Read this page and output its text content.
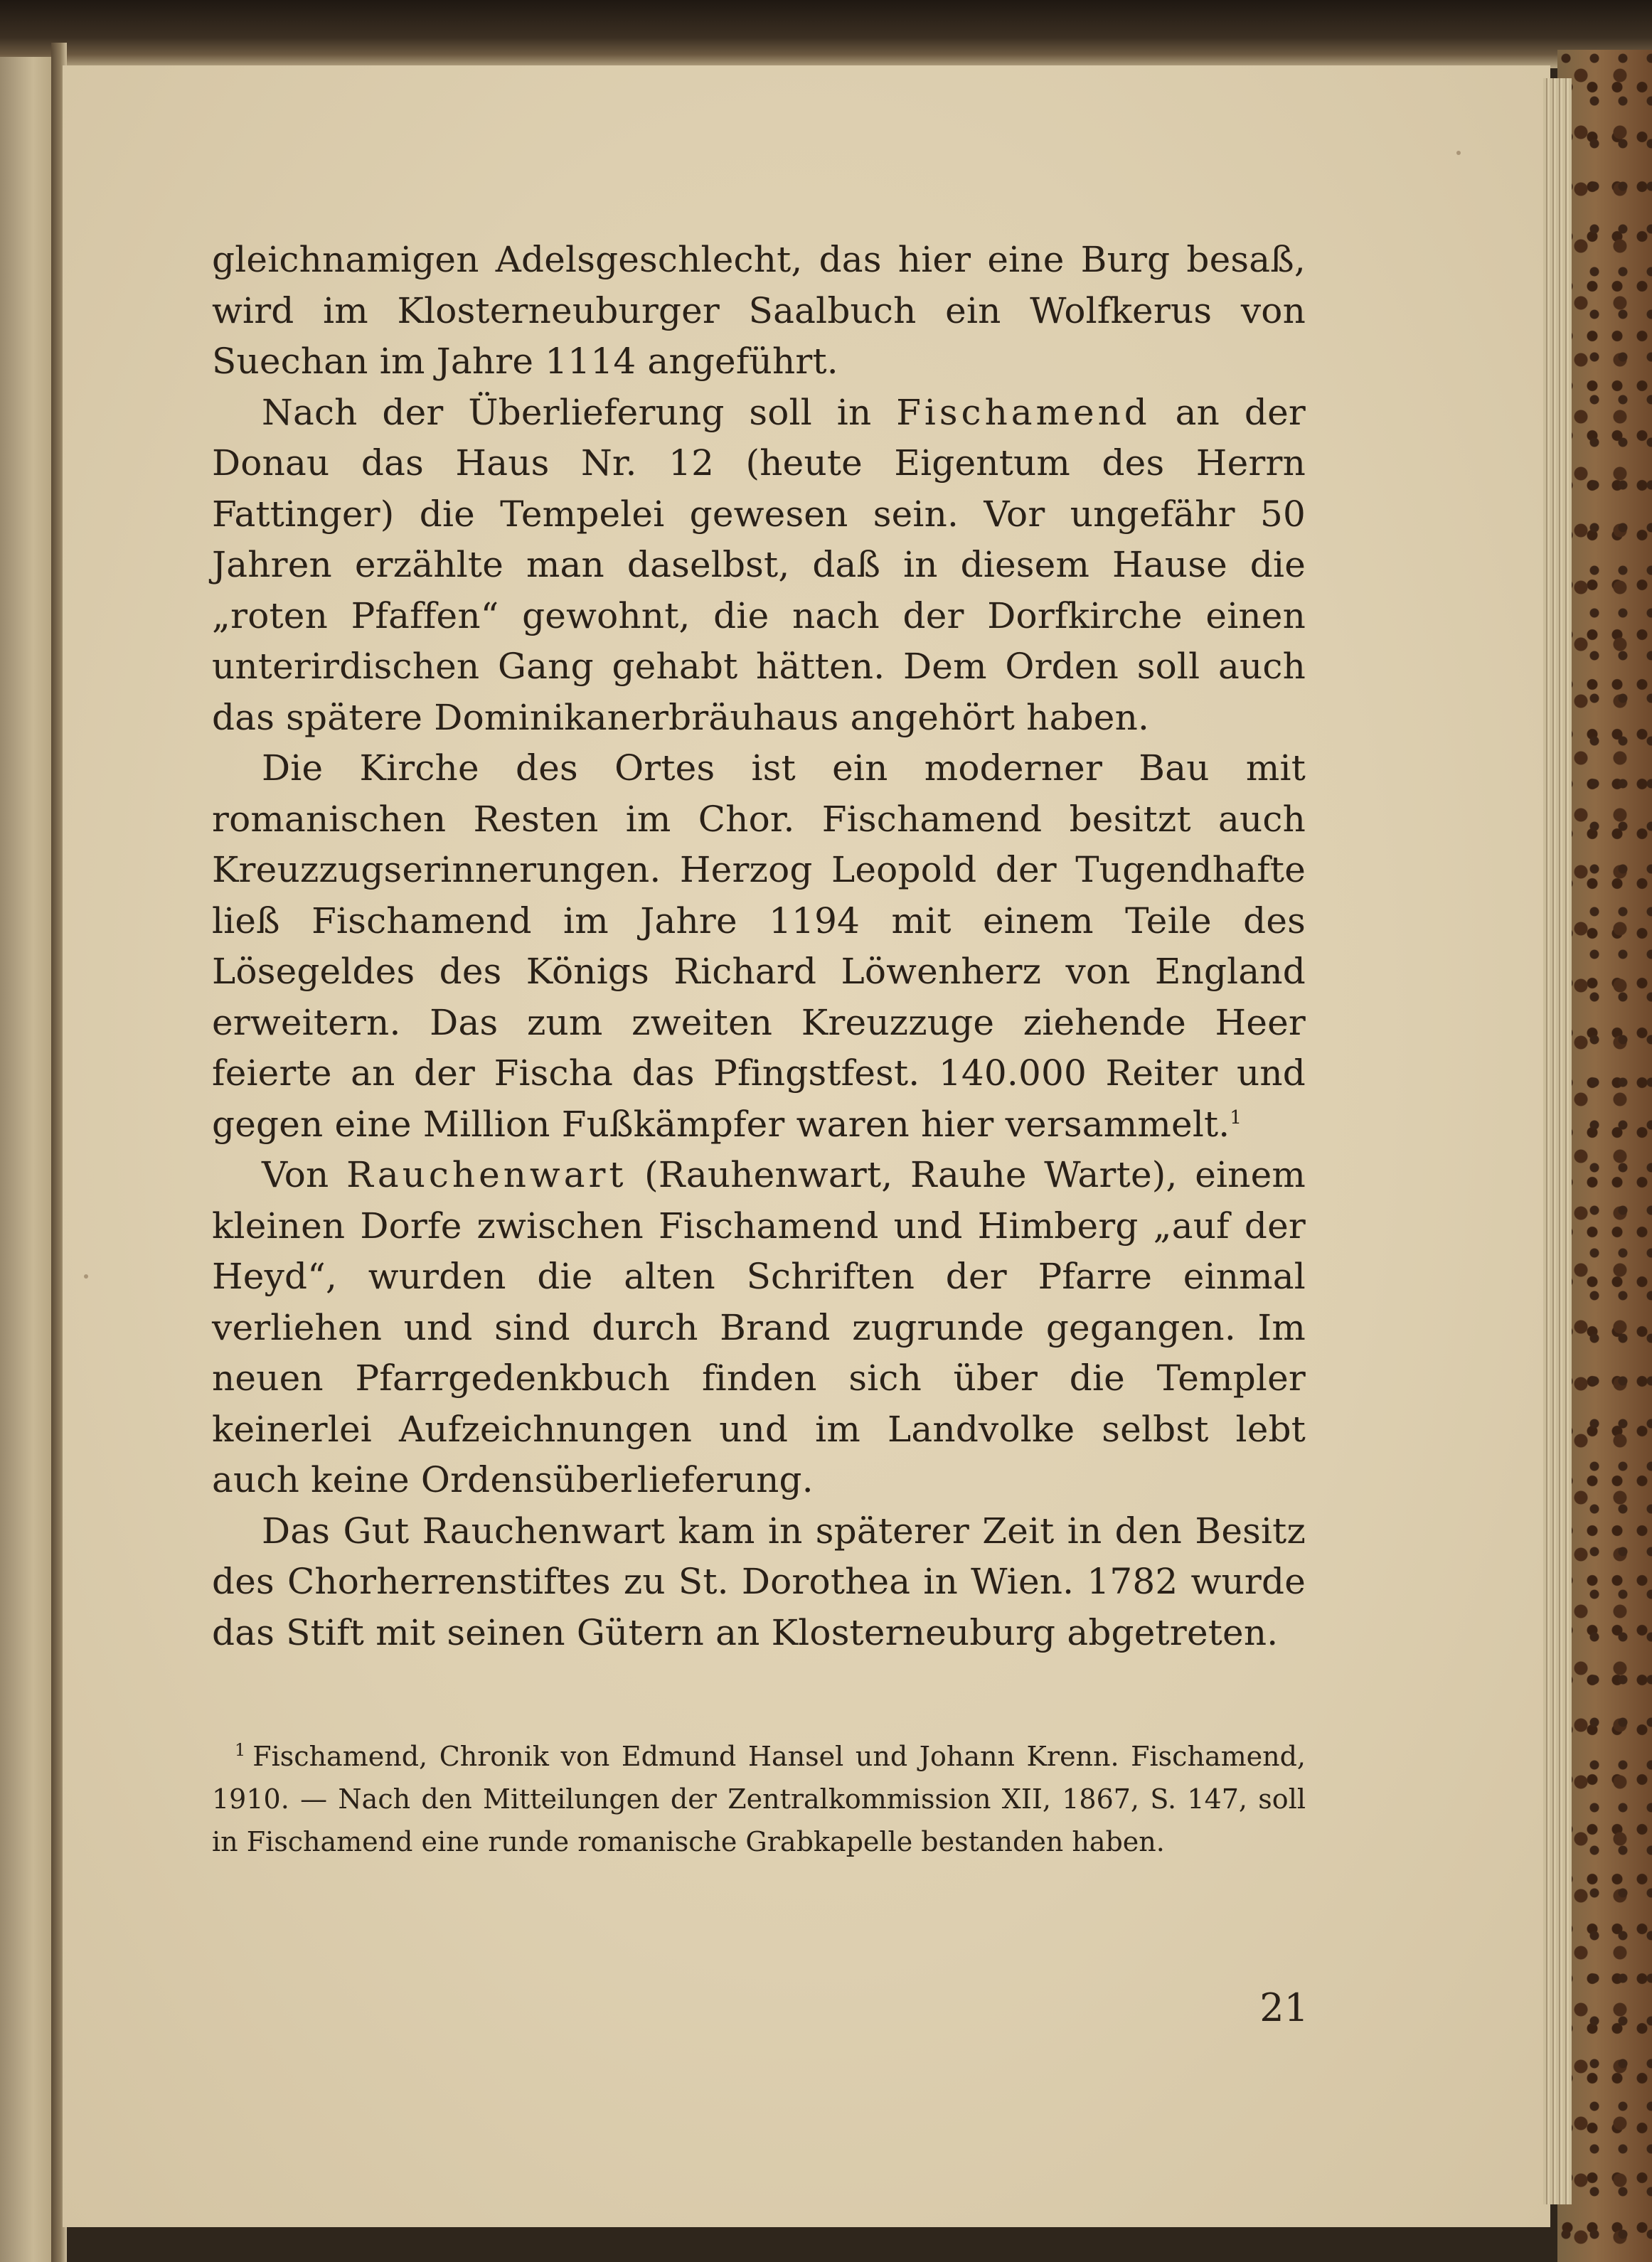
gleichnamigen Adelsgeschlecht, das hier eine Burg besaß, wird im Klosterneuburger Saalbuch ein Wolfkerus von Suechan im Jahre 1114 angeführt.

Nach der Überlieferung soll in Fischamend an der Donau das Haus Nr. 12 (heute Eigentum des Herrn Fattinger) die Tempelei gewesen sein. Vor ungefähr 50 Jahren erzählte man daselbst, daß in diesem Hause die „roten Pfaffen“ gewohnt, die nach der Dorfkirche einen unterirdischen Gang gehabt hätten. Dem Orden soll auch das spätere Dominikanerbräuhaus angehört haben.

Die Kirche des Ortes ist ein moderner Bau mit romanischen Resten im Chor. Fischamend besitzt auch Kreuzzugserinnerungen. Herzog Leopold der Tugendhafte ließ Fischamend im Jahre 1194 mit einem Teile des Lösegeldes des Königs Richard Löwenherz von England erweitern. Das zum zweiten Kreuzzuge ziehende Heer feierte an der Fischa das Pfingstfest. 140.000 Reiter und gegen eine Million Fußkämpfer waren hier versammelt.$^1$

Von Rauchenwart (Rauhenwart, Rauhe Warte), einem kleinen Dorfe zwischen Fischamend und Himberg „auf der Heyd“, wurden die alten Schriften der Pfarre einmal verliehen und sind durch Brand zugrunde gegangen. Im neuen Pfarrgedenkbuch finden sich über die Templer keinerlei Aufzeichnungen und im Landvolke selbst lebt auch keine Ordensüberlieferung.

Das Gut Rauchenwart kam in späterer Zeit in den Besitz des Chorherrenstiftes zu St. Dorothea in Wien. 1782 wurde das Stift mit seinen Gütern an Klosterneuburg abgetreten.

$^1$ Fischamend, Chronik von Edmund Hansel und Johann Krenn. Fischamend, 1910. — Nach den Mitteilungen der Zentralkommission XII, 1867, S. 147, soll in Fischamend eine runde romanische Grabkapelle bestanden haben.

21
